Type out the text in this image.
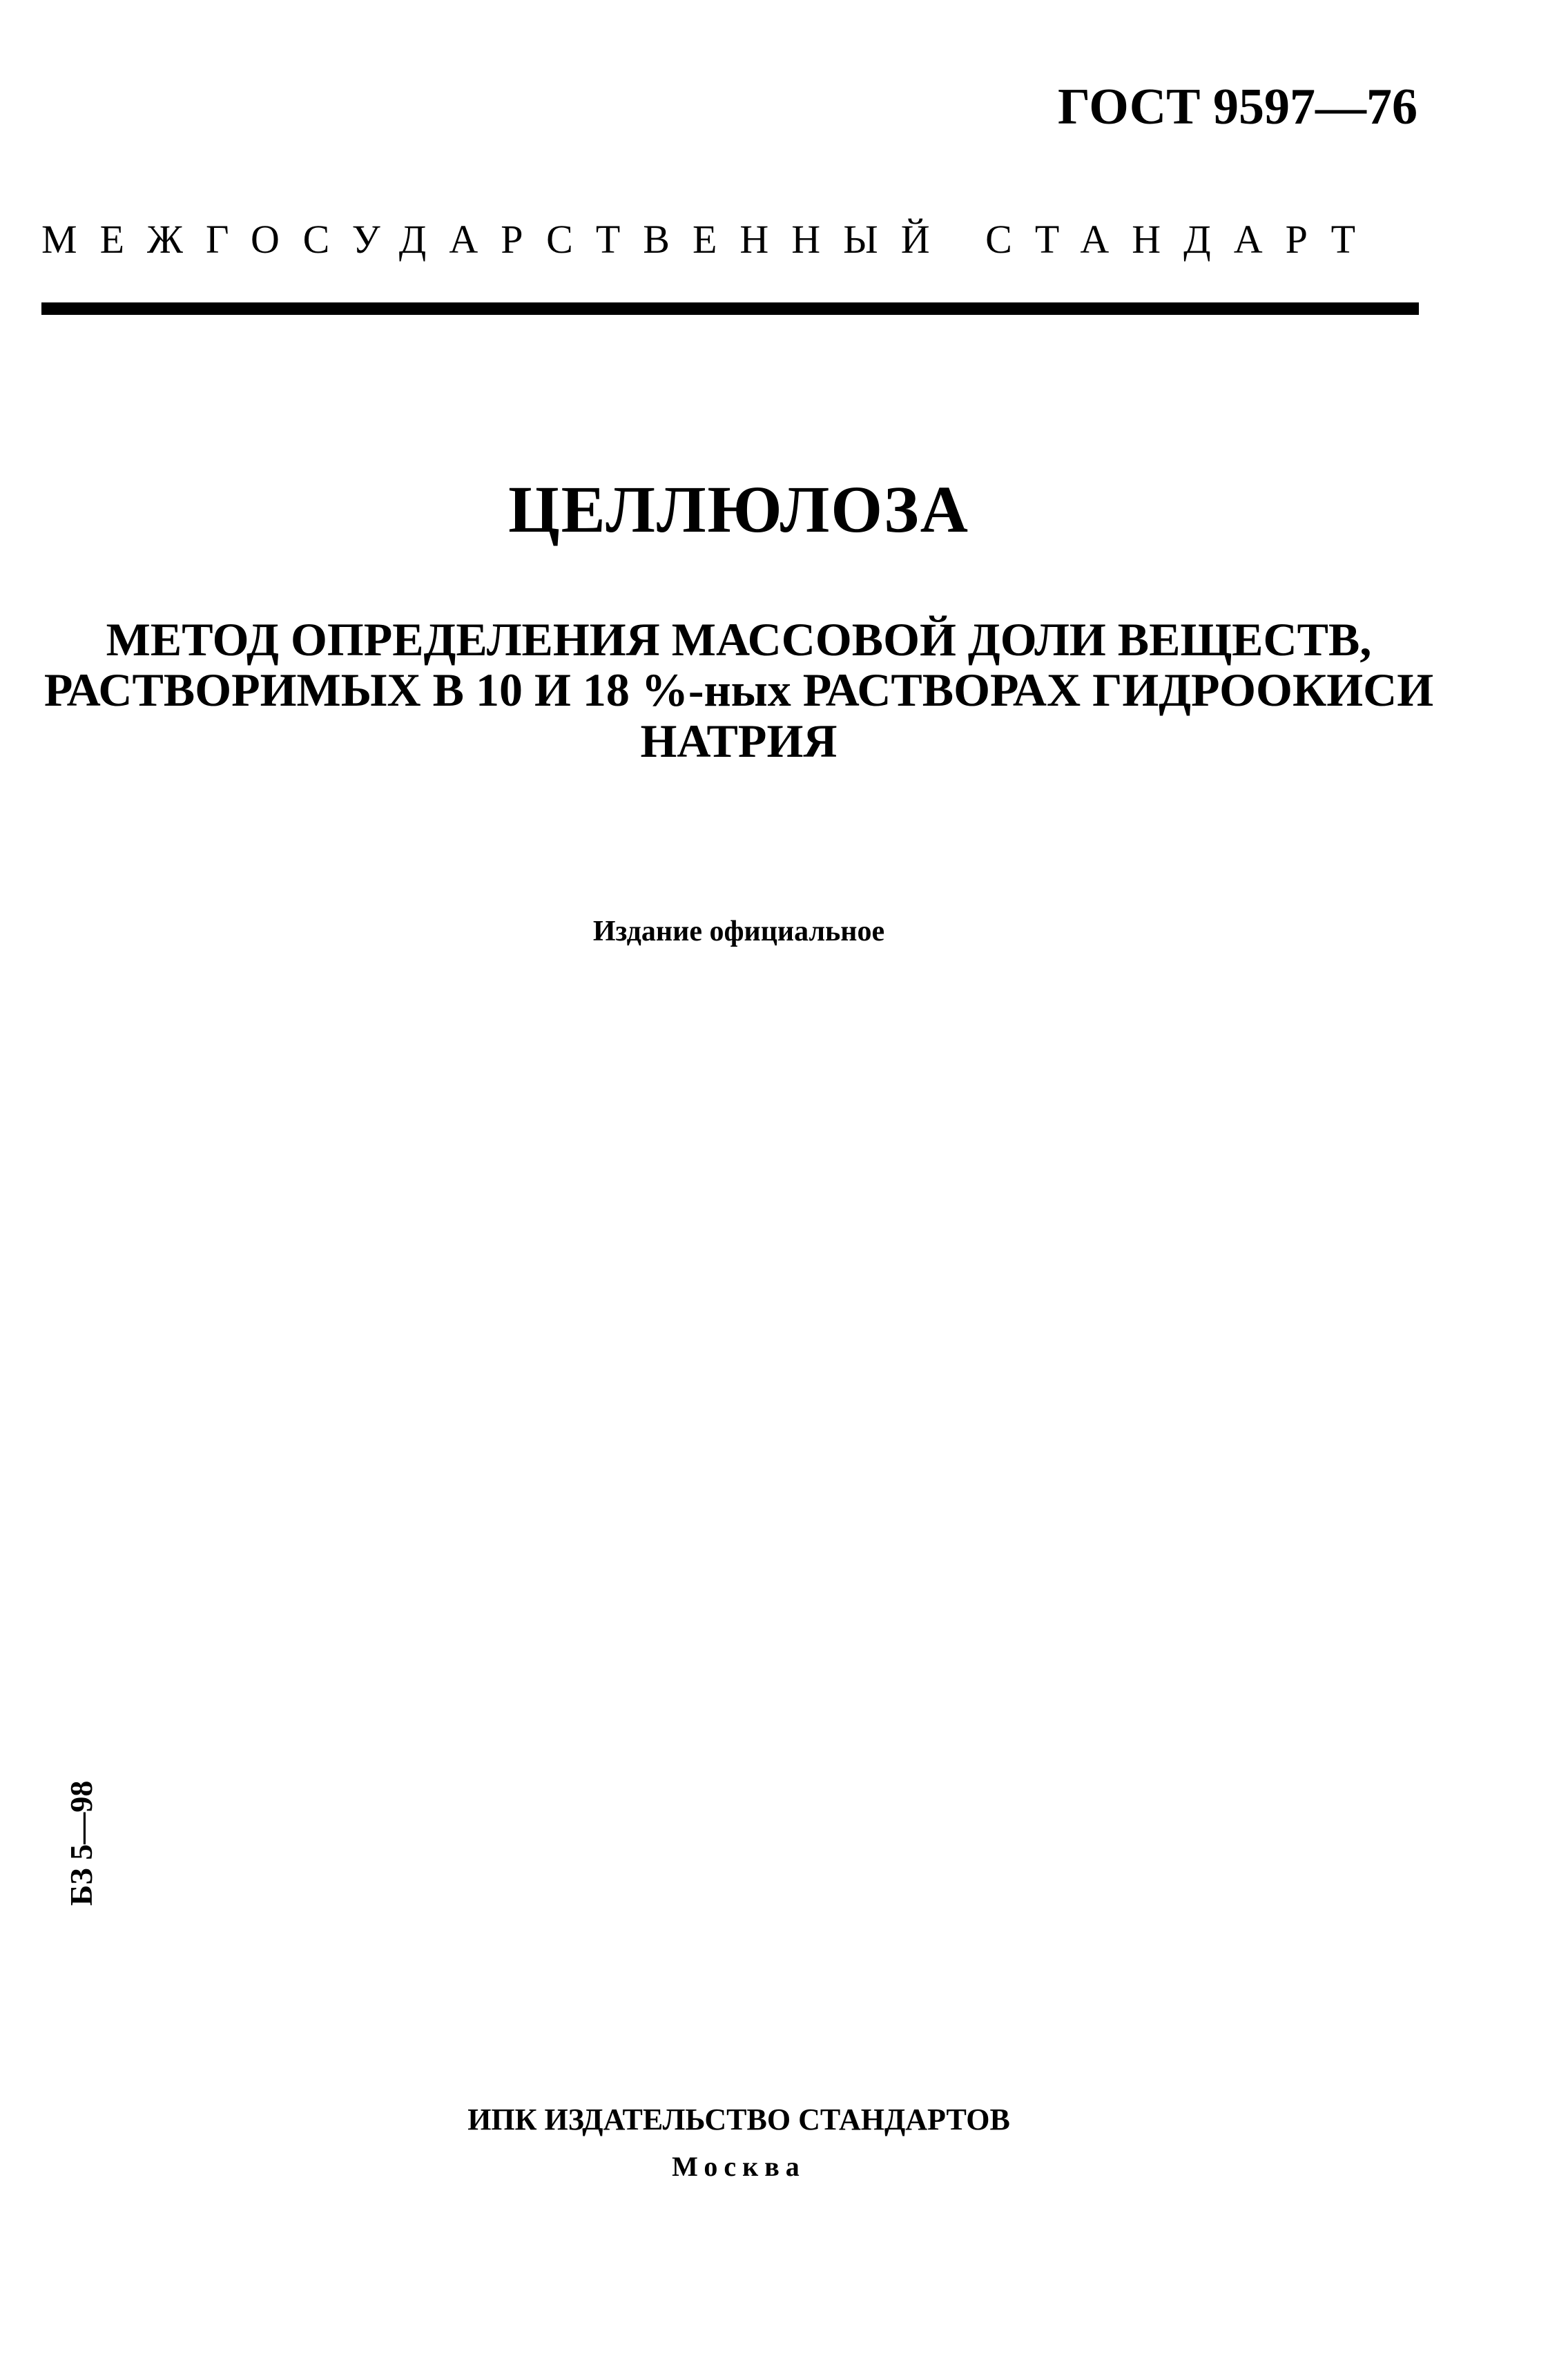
ГОСТ 9597—76
МЕЖГОСУДАРСТВЕННЫЙ СТАНДАРТ
ЦЕЛЛЮЛОЗА
МЕТОД ОПРЕДЕЛЕНИЯ МАССОВОЙ ДОЛИ ВЕЩЕСТВ,
РАСТВОРИМЫХ В 10 И 18 %-ных РАСТВОРАХ ГИДРООКИСИ
НАТРИЯ
Издание официальное
БЗ 5—98
ИПК ИЗДАТЕЛЬСТВО СТАНДАРТОВ
Москва
